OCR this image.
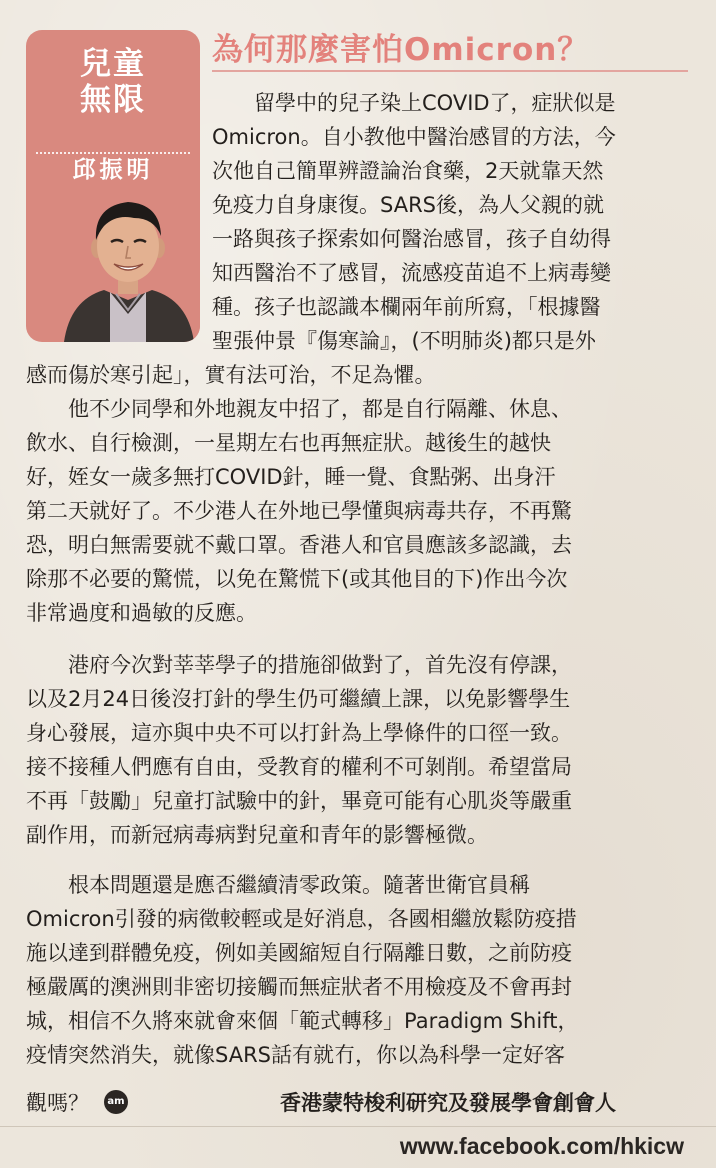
兒童
無限
邱振明
為何那麼害怕Omicron？
　　留學中的兒子染上COVID了，症狀似是
Omicron。自小教他中醫治感冒的方法，今
次他自己簡單辨證論治食藥，2天就靠天然
免疫力自身康復。SARS後，為人父親的就
一路與孩子探索如何醫治感冒，孩子自幼得
知西醫治不了感冒，流感疫苗追不上病毒變
種。孩子也認識本欄兩年前所寫，「根據醫
聖張仲景『傷寒論』，(不明肺炎)都只是外
感而傷於寒引起」，實有法可治，不足為懼。
　　他不少同學和外地親友中招了，都是自行隔離、休息、
飲水、自行檢測，一星期左右也再無症狀。越後生的越快
好，姪女一歲多無打COVID針，睡一覺、食點粥、出身汗
第二天就好了。不少港人在外地已學懂與病毒共存，不再驚
恐，明白無需要就不戴口罩。香港人和官員應該多認識，去
除那不必要的驚慌，以免在驚慌下(或其他目的下)作出今次
非常過度和過敏的反應。
　　港府今次對莘莘學子的措施卻做對了，首先沒有停課，
以及2月24日後沒打針的學生仍可繼續上課，以免影響學生
身心發展，這亦與中央不可以打針為上學條件的口徑一致。
接不接種人們應有自由，受教育的權利不可剝削。希望當局
不再「鼓勵」兒童打試驗中的針，畢竟可能有心肌炎等嚴重
副作用，而新冠病毒病對兒童和青年的影響極微。
　　根本問題還是應否繼續清零政策。隨著世衛官員稱
Omicron引發的病徵較輕或是好消息，各國相繼放鬆防疫措
施以達到群體免疫，例如美國縮短自行隔離日數，之前防疫
極嚴厲的澳洲則非密切接觸而無症狀者不用檢疫及不會再封
城，相信不久將來就會來個「範式轉移」Paradigm Shift，
疫情突然消失，就像SARS話有就冇，你以為科學一定好客
觀嗎？	am	香港蒙特梭利研究及發展學會創會人
www.facebook.com/hkicw
